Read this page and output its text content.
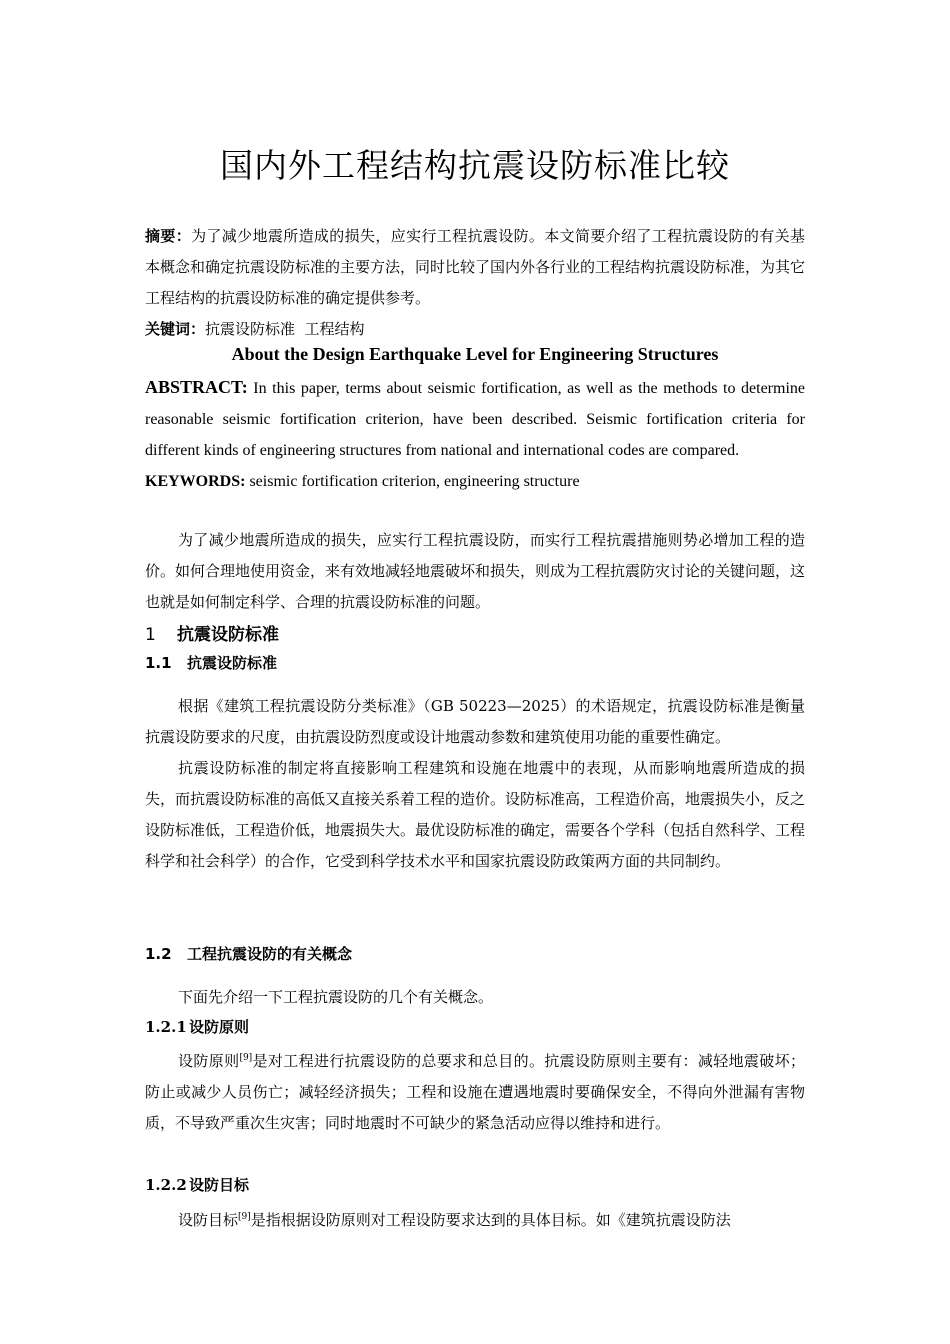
国内外工程结构抗震设防标准比较

摘要：为了减少地震所造成的损失，应实行工程抗震设防。本文简要介绍了工程抗震设防的有关基本概念和确定抗震设防标准的主要方法，同时比较了国内外各行业的工程结构抗震设防标准，为其它工程结构的抗震设防标准的确定提供参考。

关键词：抗震设防标准  工程结构

About the Design Earthquake Level for Engineering Structures

ABSTRACT: In this paper, terms about seismic fortification, as well as the methods to determine reasonable seismic fortification criterion, have been described. Seismic fortification criteria for different kinds of engineering structures from national and international codes are compared.

KEYWORDS: seismic fortification criterion, engineering structure

为了减少地震所造成的损失，应实行工程抗震设防，而实行工程抗震措施则势必增加工程的造价。如何合理地使用资金，来有效地减轻地震破坏和损失，则成为工程抗震防灾讨论的关键问题，这也就是如何制定科学、合理的抗震设防标准的问题。

1 抗震设防标准
1.1 抗震设防标准

根据《建筑工程抗震设防分类标准》（GB 50223—2025）的术语规定，抗震设防标准是衡量抗震设防要求的尺度，由抗震设防烈度或设计地震动参数和建筑使用功能的重要性确定。

抗震设防标准的制定将直接影响工程建筑和设施在地震中的表现，从而影响地震所造成的损失，而抗震设防标准的高低又直接关系着工程的造价。设防标准高，工程造价高，地震损失小，反之设防标准低，工程造价低，地震损失大。最优设防标准的确定，需要各个学科（包括自然科学、工程科学和社会科学）的合作，它受到科学技术水平和国家抗震设防政策两方面的共同制约。

1.2 工程抗震设防的有关概念

下面先介绍一下工程抗震设防的几个有关概念。

1.2.1 设防原则

设防原则[9]是对工程进行抗震设防的总要求和总目的。抗震设防原则主要有：减轻地震破坏；防止或减少人员伤亡；减轻经济损失；工程和设施在遭遇地震时要确保安全，不得向外泄漏有害物质，不导致严重次生灾害；同时地震时不可缺少的紧急活动应得以维持和进行。

1.2.2 设防目标

设防目标[9]是指根据设防原则对工程设防要求达到的具体目标。如《建筑抗震设防法
